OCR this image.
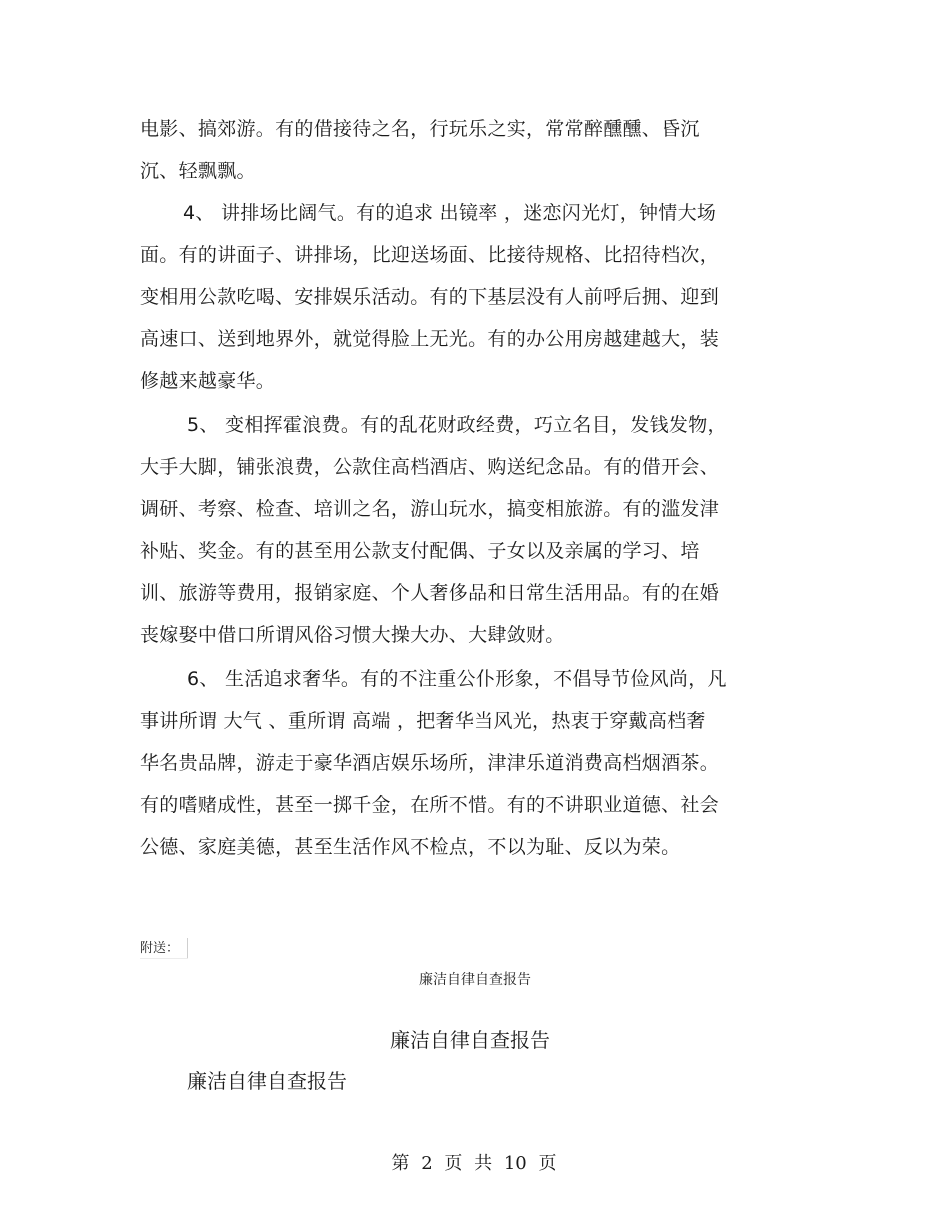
电影、搞郊游。有的借接待之名，行玩乐之实，常常醉醺醺、昏沉
沉、轻飘飘。
4、 讲排场比阔气。有的追求 出镜率 ，迷恋闪光灯，钟情大场
面。有的讲面子、讲排场，比迎送场面、比接待规格、比招待档次，
变相用公款吃喝、安排娱乐活动。有的下基层没有人前呼后拥、迎到
高速口、送到地界外，就觉得脸上无光。有的办公用房越建越大，装
修越来越豪华。
5、 变相挥霍浪费。有的乱花财政经费，巧立名目，发钱发物，
大手大脚，铺张浪费，公款住高档酒店、购送纪念品。有的借开会、
调研、考察、检查、培训之名，游山玩水，搞变相旅游。有的滥发津
补贴、奖金。有的甚至用公款支付配偶、子女以及亲属的学习、培
训、旅游等费用，报销家庭、个人奢侈品和日常生活用品。有的在婚
丧嫁娶中借口所谓风俗习惯大操大办、大肆敛财。
6、 生活追求奢华。有的不注重公仆形象，不倡导节俭风尚，凡
事讲所谓 大气 、重所谓 高端 ，把奢华当风光，热衷于穿戴高档奢
华名贵品牌，游走于豪华酒店娱乐场所，津津乐道消费高档烟酒茶。
有的嗜赌成性，甚至一掷千金，在所不惜。有的不讲职业道德、社会
公德、家庭美德，甚至生活作风不检点，不以为耻、反以为荣。
附送：
廉洁自律自查报告
廉洁自律自查报告
廉洁自律自查报告
第 2 页 共 10 页
